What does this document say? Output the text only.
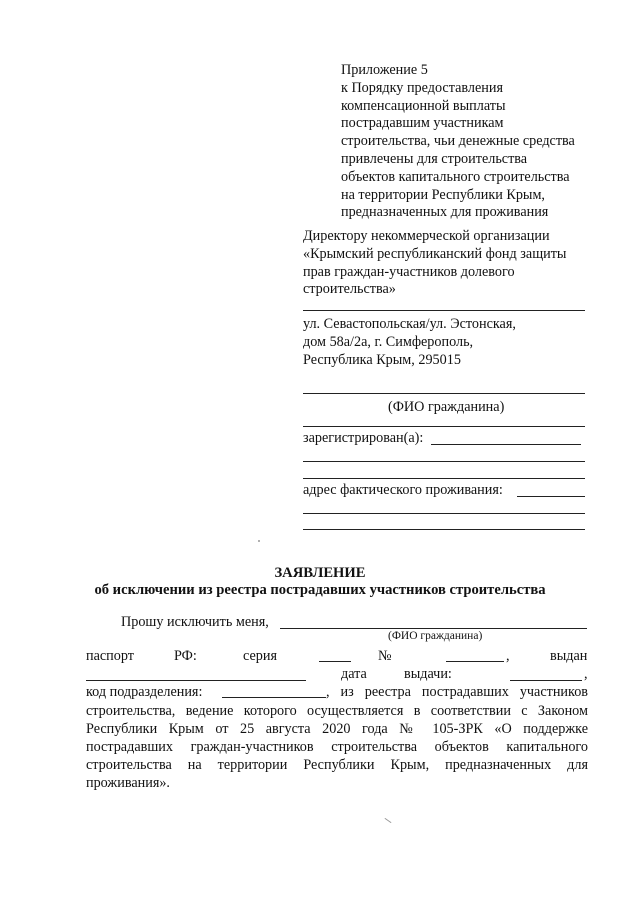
Приложение 5
к Порядку предоставления
компенсационной выплаты
пострадавшим участникам
строительства, чьи денежные средства
привлечены для строительства
объектов капитального строительства
на территории Республики Крым,
предназначенных для проживания
Директору некоммерческой организации
«Крымский республиканский фонд защиты
прав граждан-участников долевого
строительства»
ул. Севастопольская/ул. Эстонская,
дом 58а/2а, г. Симферополь,
Республика Крым, 295015
(ФИО гражданина)
зарегистрирован(а):
адрес фактического проживания:
ЗАЯВЛЕНИЕ
об исключении из реестра пострадавших участников строительства
Прошу исключить меня,
(ФИО гражданина)
паспорт	РФ:	серия	№	,	выдан
дата	выдачи:	,
код подразделения:	, из реестра пострадавших участников
строительства, ведение которого осуществляется в соответствии с Законом
Республики Крым от 25 августа 2020 года № 105-ЗРК «О поддержке
пострадавших граждан-участников строительства объектов капитального
строительства на территории Республики Крым, предназначенных для
проживания».
